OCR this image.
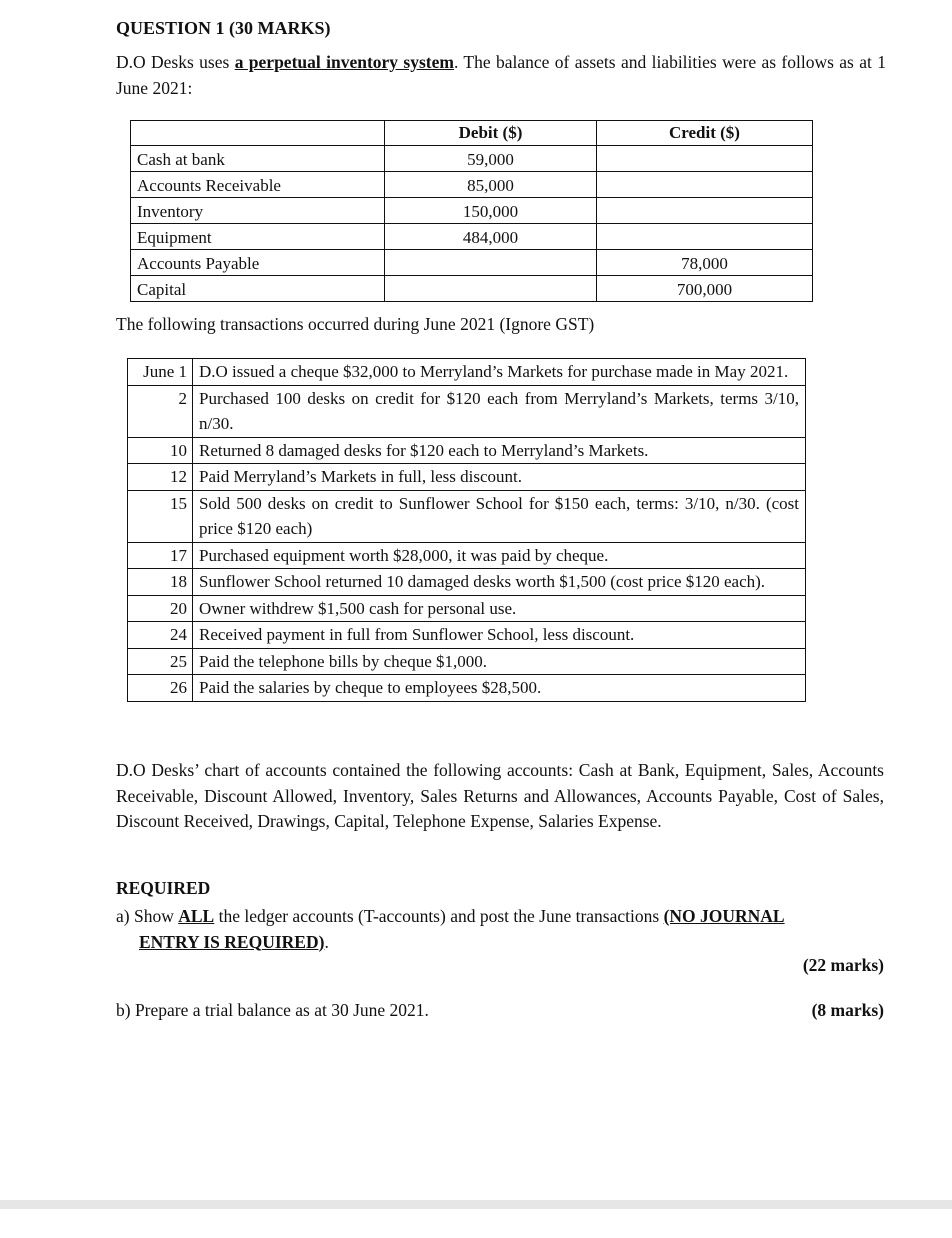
QUESTION 1 (30 MARKS)
D.O Desks uses a perpetual inventory system. The balance of assets and liabilities were as follows as at 1 June 2021:
	Debit ($)	Credit ($)
Cash at bank	59,000	
Accounts Receivable	85,000	
Inventory	150,000	
Equipment	484,000	
Accounts Payable		78,000
Capital		700,000
The following transactions occurred during June 2021 (Ignore GST)
June 1	D.O issued a cheque $32,000 to Merryland’s Markets for purchase made in May 2021.
2	Purchased 100 desks on credit for $120 each from Merryland’s Markets, terms 3/10, n/30.
10	Returned 8 damaged desks for $120 each to Merryland’s Markets.
12	Paid Merryland’s Markets in full, less discount.
15	Sold 500 desks on credit to Sunflower School for $150 each, terms: 3/10, n/30. (cost price $120 each)
17	Purchased equipment worth $28,000, it was paid by cheque.
18	Sunflower School returned 10 damaged desks worth $1,500 (cost price $120 each).
20	Owner withdrew $1,500 cash for personal use.
24	Received payment in full from Sunflower School, less discount.
25	Paid the telephone bills by cheque $1,000.
26	Paid the salaries by cheque to employees $28,500.
D.O Desks’ chart of accounts contained the following accounts: Cash at Bank, Equipment, Sales, Accounts Receivable, Discount Allowed, Inventory, Sales Returns and Allowances, Accounts Payable, Cost of Sales, Discount Received, Drawings, Capital, Telephone Expense, Salaries Expense.
REQUIRED
a) Show ALL the ledger accounts (T-accounts) and post the June transactions (NO JOURNAL
ENTRY IS REQUIRED).
(22 marks)
b) Prepare a trial balance as at 30 June 2021.	(8 marks)
